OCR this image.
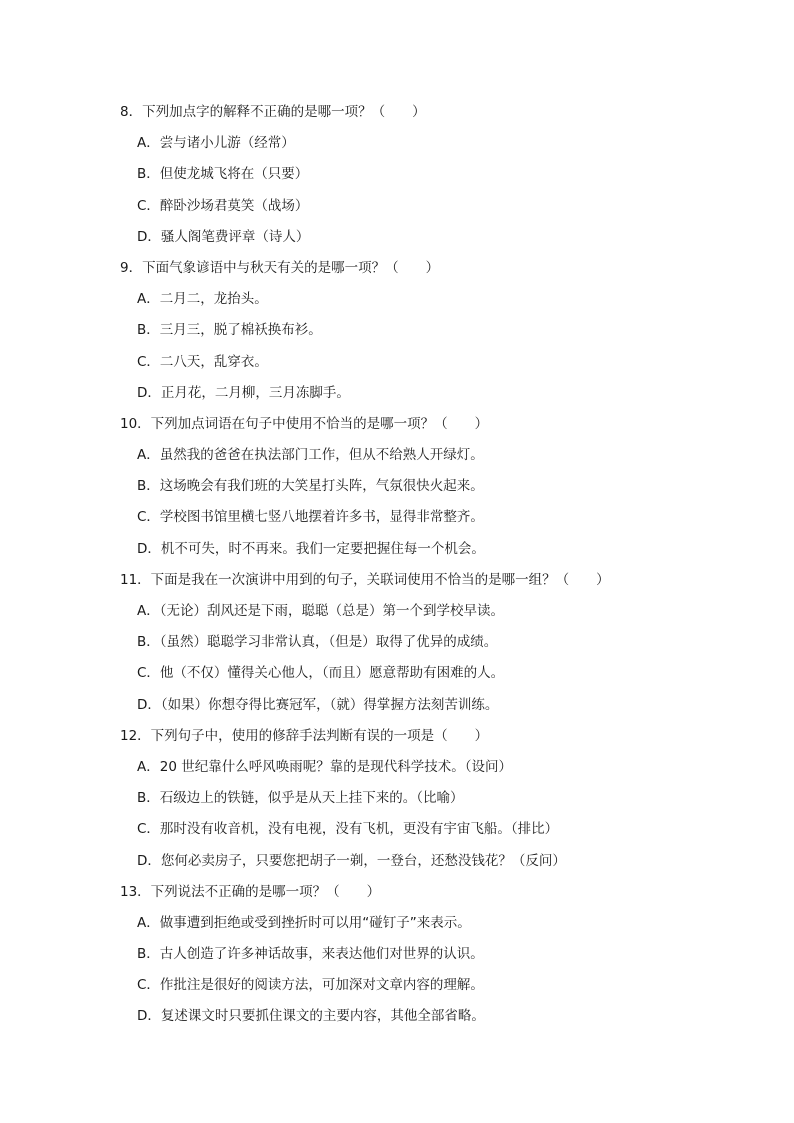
8．下列加点字的解释不正确的是哪一项？（　　）
A．尝与诸小儿游（经常）
B．但使龙城飞将在（只要）
C．醉卧沙场君莫笑（战场）
D．骚人阁笔费评章（诗人）
9．下面气象谚语中与秋天有关的是哪一项？（　　）
A．二月二，龙抬头。
B．三月三，脱了棉袄换布衫。
C．二八天，乱穿衣。
D．正月花，二月柳，三月冻脚手。
10．下列加点词语在句子中使用不恰当的是哪一项？（　　）
A．虽然我的爸爸在执法部门工作，但从不给熟人开绿灯。
B．这场晚会有我们班的大笑星打头阵，气氛很快火起来。
C．学校图书馆里横七竖八地摆着许多书，显得非常整齐。
D．机不可失，时不再来。我们一定要把握住每一个机会。
11．下面是我在一次演讲中用到的句子，关联词使用不恰当的是哪一组？（　　）
A．（无论）刮风还是下雨，聪聪（总是）第一个到学校早读。
B．（虽然）聪聪学习非常认真，（但是）取得了优异的成绩。
C．他（不仅）懂得关心他人，（而且）愿意帮助有困难的人。
D．（如果）你想夺得比赛冠军，（就）得掌握方法刻苦训练。
12．下列句子中，使用的修辞手法判断有误的一项是（　　）
A．20 世纪靠什么呼风唤雨呢？靠的是现代科学技术。（设问）
B．石级边上的铁链，似乎是从天上挂下来的。（比喻）
C．那时没有收音机，没有电视，没有飞机，更没有宇宙飞船。（排比）
D．您何必卖房子，只要您把胡子一剃，一登台，还愁没钱花？（反问）
13．下列说法不正确的是哪一项？（　　）
A．做事遭到拒绝或受到挫折时可以用“碰钉子”来表示。
B．古人创造了许多神话故事，来表达他们对世界的认识。
C．作批注是很好的阅读方法，可加深对文章内容的理解。
D．复述课文时只要抓住课文的主要内容，其他全部省略。
